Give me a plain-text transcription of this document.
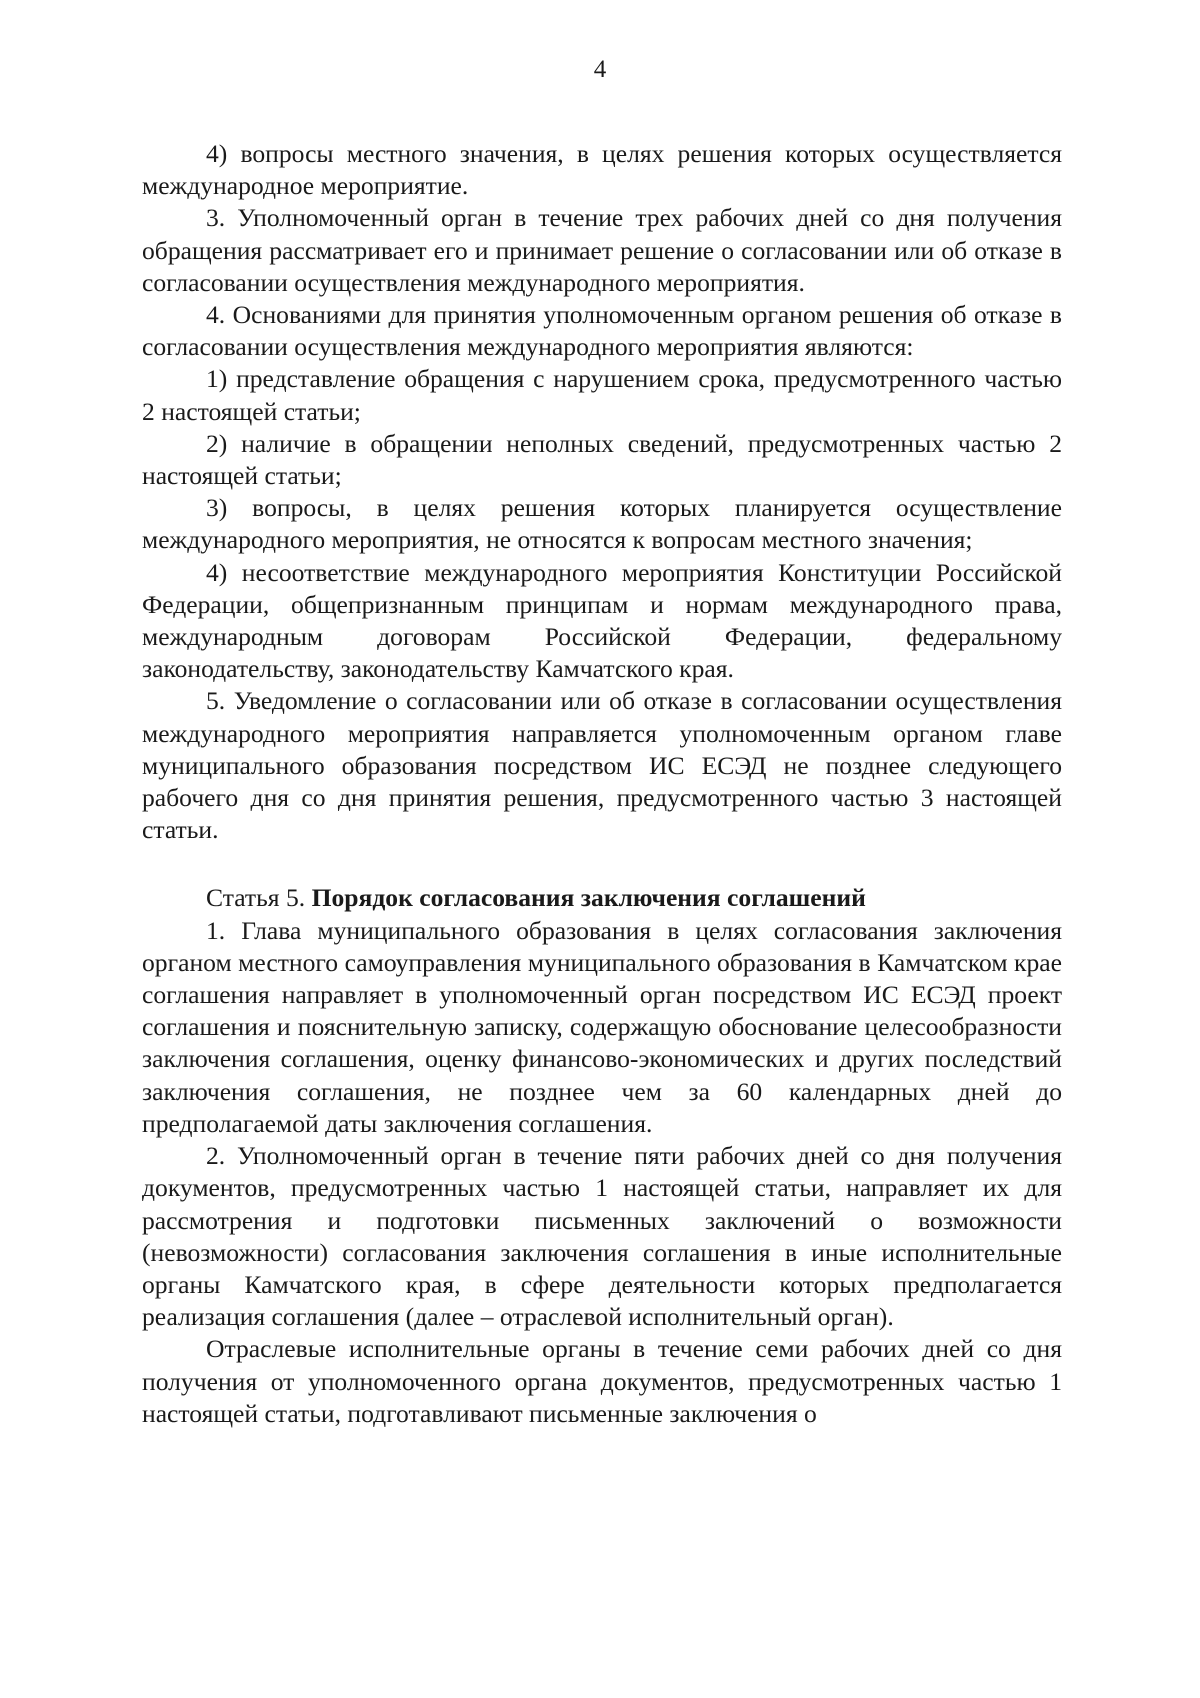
4

4) вопросы местного значения, в целях решения которых осуществляется международное мероприятие.

3. Уполномоченный орган в течение трех рабочих дней со дня получения обращения рассматривает его и принимает решение о согласовании или об отказе в согласовании осуществления международного мероприятия.

4. Основаниями для принятия уполномоченным органом решения об отказе в согласовании осуществления международного мероприятия являются:

1) представление обращения с нарушением срока, предусмотренного частью 2 настоящей статьи;

2) наличие в обращении неполных сведений, предусмотренных частью 2 настоящей статьи;

3) вопросы, в целях решения которых планируется осуществление международного мероприятия, не относятся к вопросам местного значения;

4) несоответствие международного мероприятия Конституции Российской Федерации, общепризнанным принципам и нормам международного права, международным договорам Российской Федерации, федеральному законодательству, законодательству Камчатского края.

5. Уведомление о согласовании или об отказе в согласовании осуществления международного мероприятия направляется уполномоченным органом главе муниципального образования посредством ИС ЕСЭД не позднее следующего рабочего дня со дня принятия решения, предусмотренного частью 3 настоящей статьи.

Статья 5. Порядок согласования заключения соглашений

1. Глава муниципального образования в целях согласования заключения органом местного самоуправления муниципального образования в Камчатском крае соглашения направляет в уполномоченный орган посредством ИС ЕСЭД проект соглашения и пояснительную записку, содержащую обоснование целесообразности заключения соглашения, оценку финансово-экономических и других последствий заключения соглашения, не позднее чем за 60 календарных дней до предполагаемой даты заключения соглашения.

2. Уполномоченный орган в течение пяти рабочих дней со дня получения документов, предусмотренных частью 1 настоящей статьи, направляет их для рассмотрения и подготовки письменных заключений о возможности (невозможности) согласования заключения соглашения в иные исполнительные органы Камчатского края, в сфере деятельности которых предполагается реализация соглашения (далее – отраслевой исполнительный орган).

Отраслевые исполнительные органы в течение семи рабочих дней со дня получения от уполномоченного органа документов, предусмотренных частью 1 настоящей статьи, подготавливают письменные заключения о
